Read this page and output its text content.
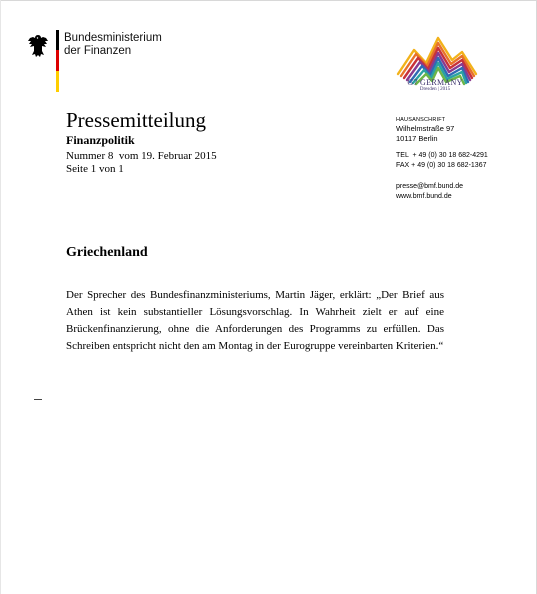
Bundesministerium
der Finanzen
G7 GERMANY
Dresden | 2015
Pressemitteilung
Finanzpolitik
Nummer 8  vom 19. Februar 2015
Seite 1 von 1
HAUSANSCHRIFT
Wilhelmstraße 97
10117 Berlin
TEL  + 49 (0) 30 18 682-4291
FAX + 49 (0) 30 18 682-1367
presse@bmf.bund.de
www.bmf.bund.de
Griechenland

Der Sprecher des Bundesfinanzministeriums, Martin Jäger, erklärt: „Der Brief aus Athen ist kein substantieller Lösungsvorschlag. In Wahrheit zielt er auf eine Brückenfinanzierung, ohne die Anforderungen des Programms zu erfüllen. Das Schreiben entspricht nicht den am Montag in der Eurogruppe vereinbarten Kriterien.“
